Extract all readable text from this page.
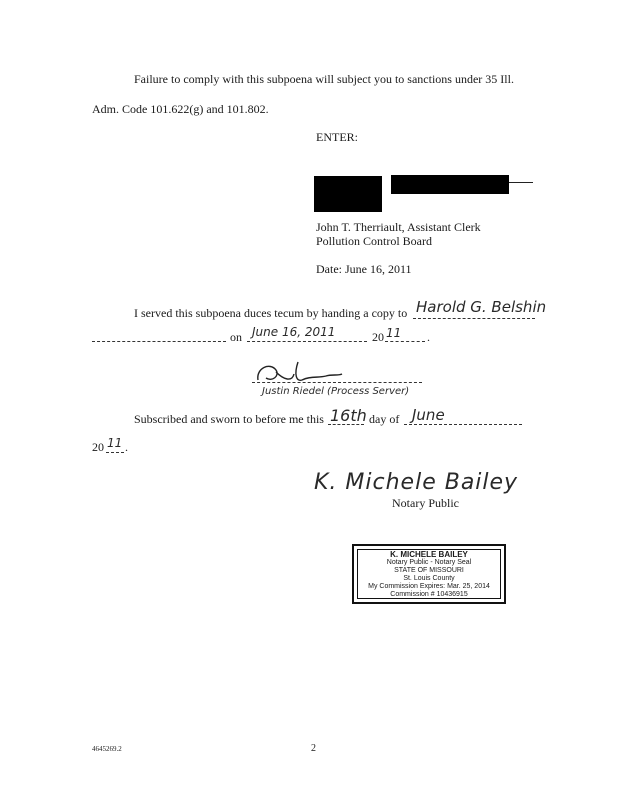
Failure to comply with this subpoena will subject you to sanctions under 35 Ill.
Adm. Code 101.622(g) and 101.802.
ENTER:
John T. Therriault, Assistant Clerk
Pollution Control Board
Date: June 16, 2011
I served this subpoena duces tecum by handing a copy to Harold G. Belshin
on June 16, 2011	20 11 .
Justin Riedel (Process Server)
Subscribed and sworn to before me this 16th day of June
20 11 .
K. Michele Bailey
Notary Public
K. MICHELE BAILEY
Notary Public - Notary Seal
STATE OF MISSOURI
St. Louis County
My Commission Expires: Mar. 25, 2014
Commission # 10436915
4645269.2	2
